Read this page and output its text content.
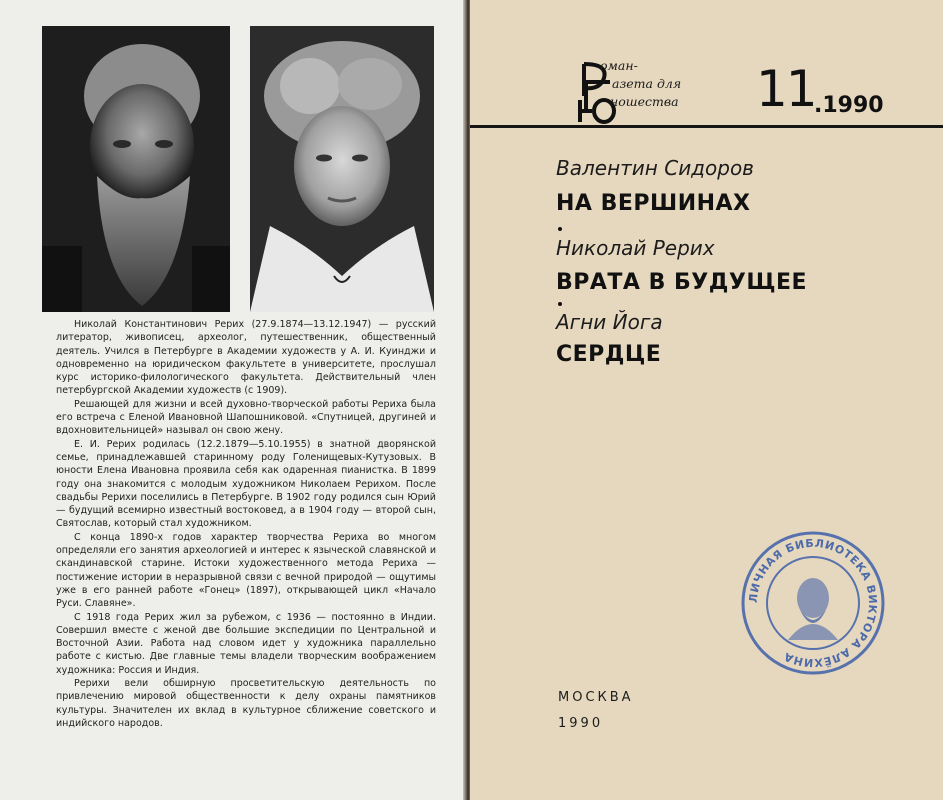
Николай Константинович Рерих (27.9.1874—13.12.1947) — русский литератор, живописец, археолог, путешественник, общественный деятель. Учился в Петербурге в Академии художеств у А. И. Куинджи и одновременно на юридическом факультете в университете, прослушал курс историко-филологического факультета. Действительный член петербургской Академии художеств (с 1909).

Решающей для жизни и всей духовно-творческой работы Рериха была его встреча с Еленой Ивановной Шапошниковой. «Спутницей, другиней и вдохновительницей» называл он свою жену.

Е. И. Рерих родилась (12.2.1879—5.10.1955) в знатной дворянской семье, принадлежавшей старинному роду Голенищевых-Кутузовых. В юности Елена Ивановна проявила себя как одаренная пианистка. В 1899 году она знакомится с молодым художником Николаем Рерихом. После свадьбы Рерихи поселились в Петербурге. В 1902 году родился сын Юрий — будущий всемирно известный востоковед, а в 1904 году — второй сын, Святослав, который стал художником.

С конца 1890-х годов характер творчества Рериха во многом определяли его занятия археологией и интерес к языческой славянской и скандинавской старине. Истоки художественного метода Рериха — постижение истории в неразрывной связи с вечной природой — ощутимы уже в его ранней работе «Гонец» (1897), открывающей цикл «Начало Руси. Славяне».

С 1918 года Рерих жил за рубежом, с 1936 — постоянно в Индии. Совершил вместе с женой две большие экспедиции по Центральной и Восточной Азии. Работа над словом идет у художника параллельно работе с кистью. Две главные темы владели творческим воображением художника: Россия и Индия.

Рерихи вели обширную просветительскую деятельность по привлечению мировой общественности к делу охраны памятников культуры. Значителен их вклад в культурное сближение советского и индийского народов.

оман-
азета для
ношества 11
.1990
Валентин Сидоров
НА ВЕРШИНАХ
Николай Рерих
ВРАТА В БУДУЩЕЕ
Агни Йога
СЕРДЦЕ
ЛИЧНАЯ БИБЛИОТЕКА ВИКТОРА АЛЁХИНА
МОСКВА
1990
